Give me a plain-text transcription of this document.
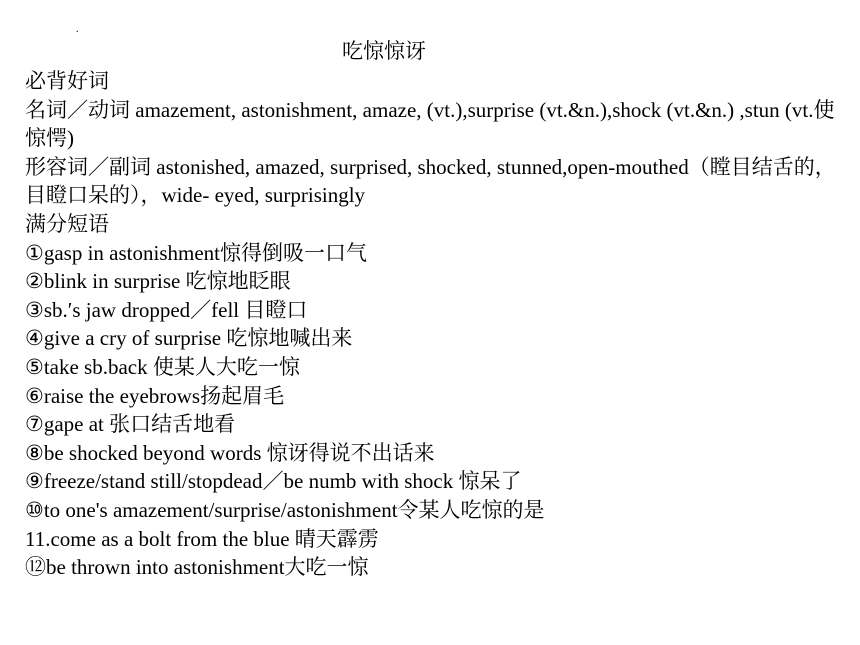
.
吃惊惊讶
必背好词
名词／动词 amazement, astonishment, amaze, (vt.),surprise (vt.&n.),shock (vt.&n.) ,stun (vt.使惊愕)
形容词／副词 astonished, amazed, surprised, shocked, stunned,open-mouthed（瞠目结舌的，目瞪口呆的），wide- eyed, surprisingly
满分短语
①gasp in astonishment惊得倒吸一口气
②blink in surprise 吃惊地眨眼
③sb.′s jaw dropped／fell 目瞪口
④give a cry of surprise 吃惊地喊出来
⑤take sb.back 使某人大吃一惊
⑥raise the eyebrows扬起眉毛
⑦gape at 张口结舌地看
⑧be shocked beyond words 惊讶得说不出话来
⑨freeze/stand still/stopdead／be numb with shock 惊呆了
⑩to one's amazement/surprise/astonishment令某人吃惊的是
11.come as a bolt from the blue 晴天霹雳
⑫be thrown into astonishment大吃一惊
